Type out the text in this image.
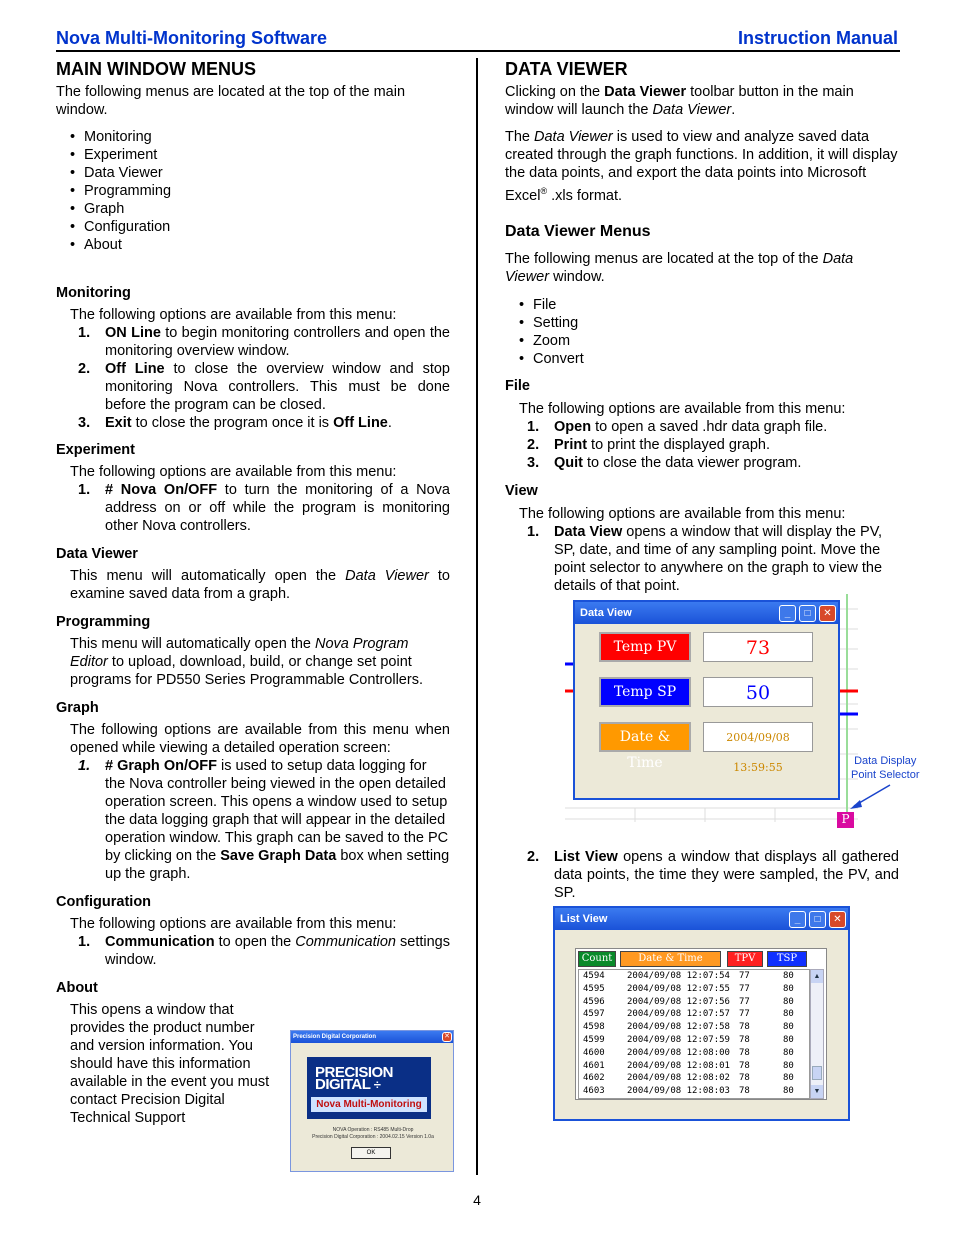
Nova Multi-Monitoring Software	Instruction Manual
MAIN WINDOW MENUS

The following menus are located at the top of the main window.

• Monitoring
• Experiment
• Data Viewer
• Programming
• Graph
• Configuration
• About
Monitoring

The following options are available from this menu:

1. ON Line to begin monitoring controllers and open the monitoring overview window.
2. Off Line to close the overview window and stop monitoring Nova controllers. This must be done before the program can be closed.
3. Exit to close the program once it is Off Line.
Experiment

The following options are available from this menu:

1. # Nova On/OFF to turn the monitoring of a Nova address on or off while the program is monitoring other Nova controllers.
Data Viewer

This menu will automatically open the Data Viewer to examine saved data from a graph.

Programming

This menu will automatically open the Nova Program Editor to upload, download, build, or change set point programs for PD550 Series Programmable Controllers.

Graph

The following options are available from this menu when opened while viewing a detailed operation screen:

1. # Graph On/OFF is used to setup data logging for the Nova controller being viewed in the open detailed operation screen. This opens a window used to setup the data logging graph that will appear in the detailed operation window. This graph can be saved to the PC by clicking on the Save Graph Data box when setting up the graph.
Configuration

The following options are available from this menu:

1. Communication to open the Communication settings window.
About

This opens a window that provides the product number and version information. You should have this information available in the event you must contact Precision Digital Technical Support

Precision Digital Corporation	✕
PRECISION
DIGITAL ÷
Nova Multi-Monitoring
NOVA Operation : RS485 Multi-Drop
Precision Digital Corporation : 2004.02.15 Version 1.0a
OK
DATA VIEWER

Clicking on the Data Viewer toolbar button in the main window will launch the Data Viewer.

The Data Viewer is used to view and analyze saved data created through the graph functions. In addition, it will display the data points, and export the data points into Microsoft Excel® .xls format.

Data Viewer Menus

The following menus are located at the top of the Data Viewer window.

• File
• Setting
• Zoom
• Convert
File

The following options are available from this menu:

1. Open to open a saved .hdr data graph file.
2. Print to print the displayed graph.
3. Quit to close the data viewer program.
View

The following options are available from this menu:

1. Data View opens a window that will display the PV, SP, date, and time of any sampling point. Move the point selector to anywhere on the graph to view the details of that point.
Data View	_	□	✕
Temp PV	73
Temp SP	50
Date & Time
2004/09/08 13:59:55
P
Data Display
Point Selector
2. List View opens a window that displays all gathered data points, the time they were sampled, the PV, and SP.
List View	_	□	✕
Count	Date & Time	TPV	TSP
4594 2004/09/08 12:07:54 77	80
4595 2004/09/08 12:07:55 77	80
4596 2004/09/08 12:07:56 77	80
4597 2004/09/08 12:07:57 77	80
4598 2004/09/08 12:07:58 78	80
4599 2004/09/08 12:07:59 78	80
4600 2004/09/08 12:08:00 78	80
4601 2004/09/08 12:08:01 78	80
4602 2004/09/08 12:08:02 78	80
4603 2004/09/08 12:08:03 78	80
▲
▼
4
